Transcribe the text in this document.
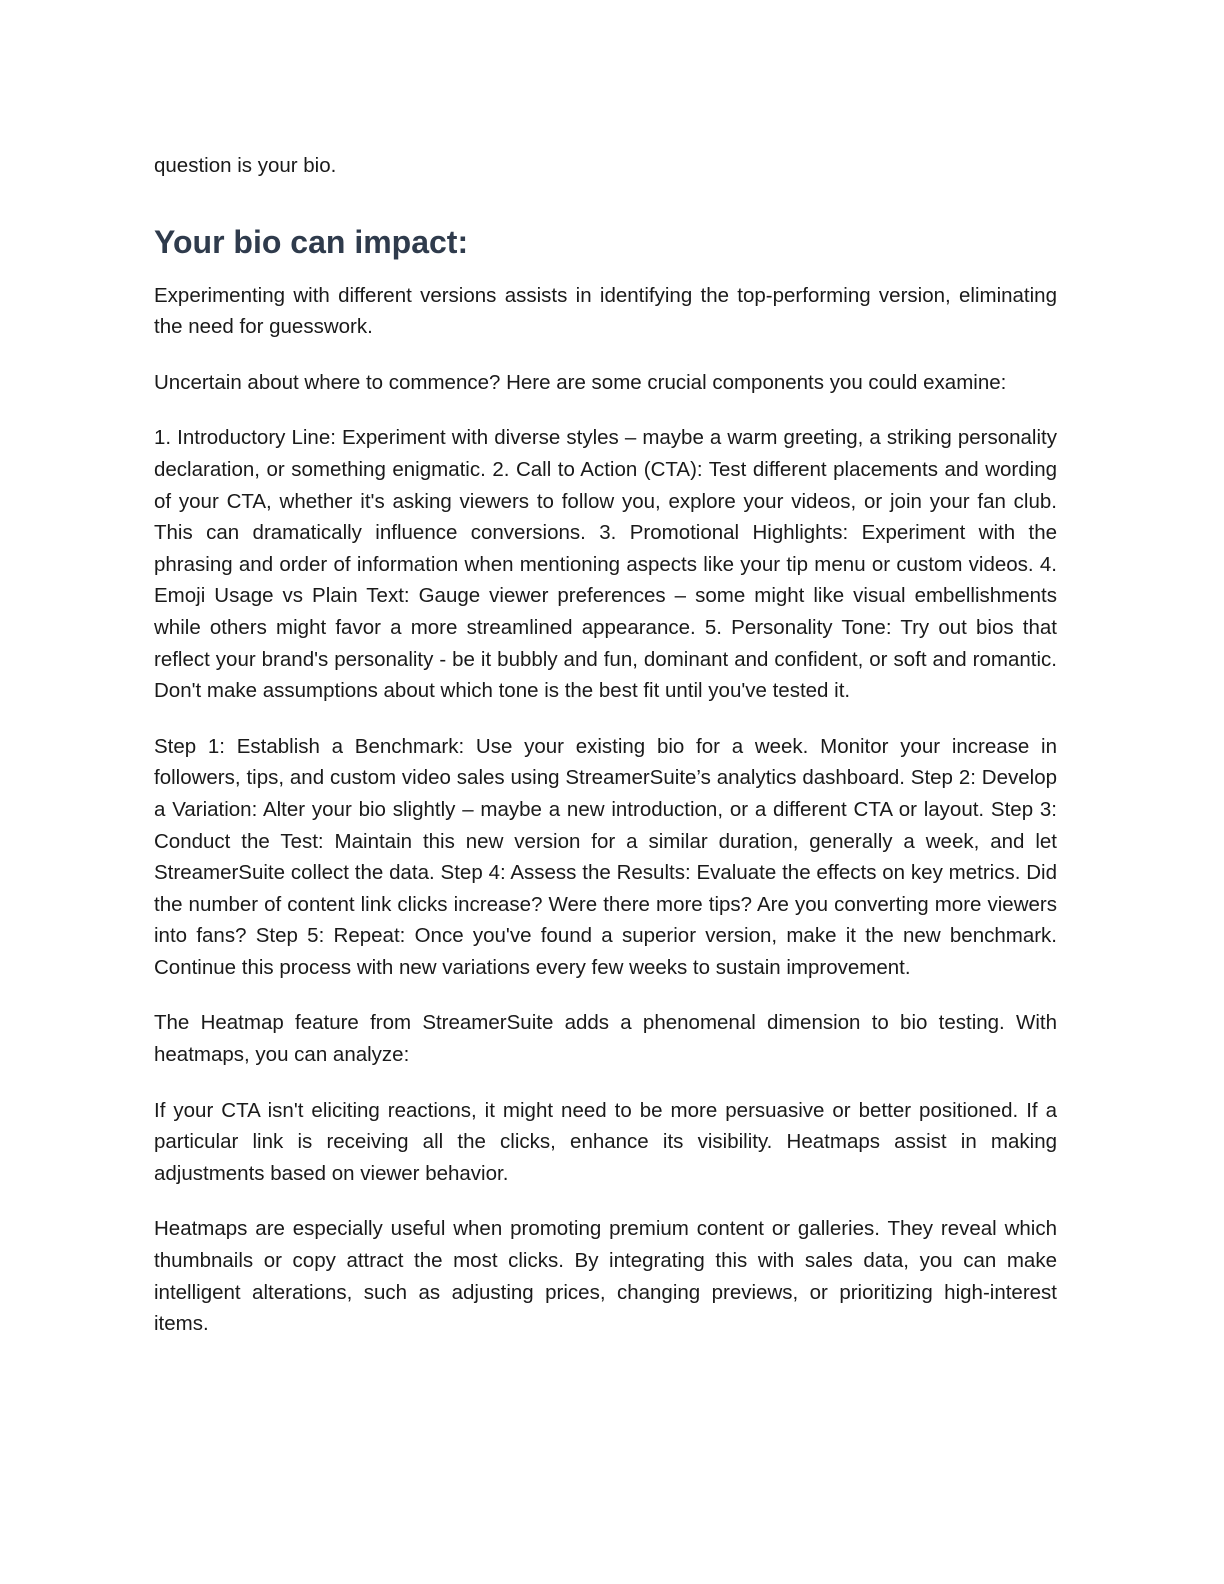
question is your bio.

Your bio can impact:

Experimenting with different versions assists in identifying the top-performing version, eliminating the need for guesswork.

Uncertain about where to commence? Here are some crucial components you could examine:

1. Introductory Line: Experiment with diverse styles – maybe a warm greeting, a striking personality declaration, or something enigmatic. 2. Call to Action (CTA): Test different placements and wording of your CTA, whether it's asking viewers to follow you, explore your videos, or join your fan club. This can dramatically influence conversions. 3. Promotional Highlights: Experiment with the phrasing and order of information when mentioning aspects like your tip menu or custom videos. 4. Emoji Usage vs Plain Text: Gauge viewer preferences – some might like visual embellishments while others might favor a more streamlined appearance. 5. Personality Tone: Try out bios that reflect your brand's personality - be it bubbly and fun, dominant and confident, or soft and romantic. Don't make assumptions about which tone is the best fit until you've tested it.

Step 1: Establish a Benchmark: Use your existing bio for a week. Monitor your increase in followers, tips, and custom video sales using StreamerSuite’s analytics dashboard. Step 2: Develop a Variation: Alter your bio slightly – maybe a new introduction, or a different CTA or layout. Step 3: Conduct the Test: Maintain this new version for a similar duration, generally a week, and let StreamerSuite collect the data. Step 4: Assess the Results: Evaluate the effects on key metrics. Did the number of content link clicks increase? Were there more tips? Are you converting more viewers into fans? Step 5: Repeat: Once you've found a superior version, make it the new benchmark. Continue this process with new variations every few weeks to sustain improvement.

The Heatmap feature from StreamerSuite adds a phenomenal dimension to bio testing. With heatmaps, you can analyze:

If your CTA isn't eliciting reactions, it might need to be more persuasive or better positioned. If a particular link is receiving all the clicks, enhance its visibility. Heatmaps assist in making adjustments based on viewer behavior.

Heatmaps are especially useful when promoting premium content or galleries. They reveal which thumbnails or copy attract the most clicks. By integrating this with sales data, you can make intelligent alterations, such as adjusting prices, changing previews, or prioritizing high-interest items.
